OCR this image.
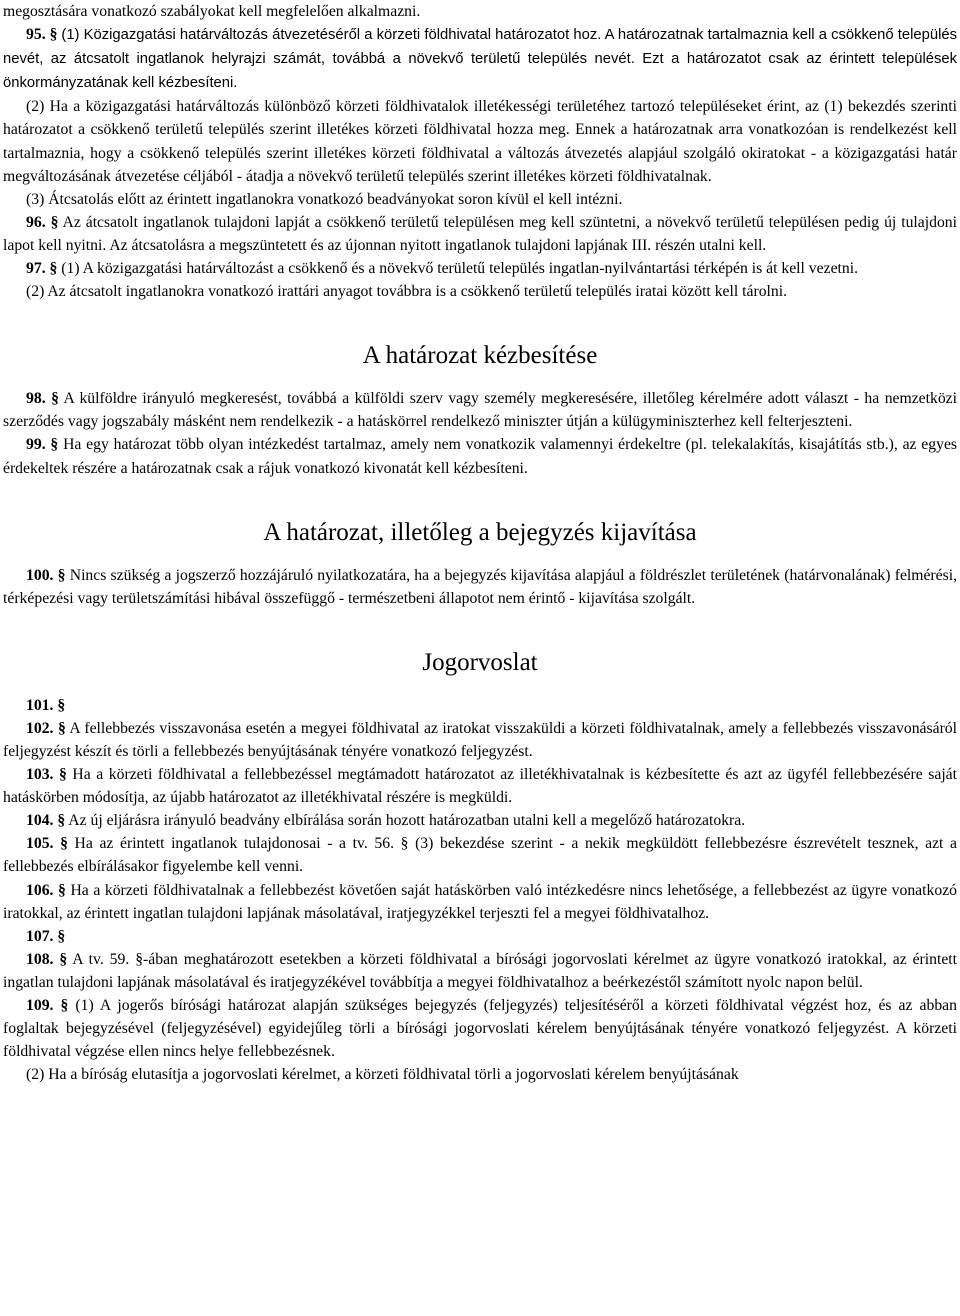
megosztására vonatkozó szabályokat kell megfelelően alkalmazni.

95. § (1) Közigazgatási határváltozás átvezetéséről a körzeti földhivatal határozatot hoz. A határozatnak tartalmaznia kell a csökkenő település nevét, az átcsatolt ingatlanok helyrajzi számát, továbbá a növekvő területű település nevét. Ezt a határozatot csak az érintett települések önkormányzatának kell kézbesíteni.

(2) Ha a közigazgatási határváltozás különböző körzeti földhivatalok illetékességi területéhez tartozó településeket érint, az (1) bekezdés szerinti határozatot a csökkenő területű település szerint illetékes körzeti földhivatal hozza meg. Ennek a határozatnak arra vonatkozóan is rendelkezést kell tartalmaznia, hogy a csökkenő település szerint illetékes körzeti földhivatal a változás átvezetés alapjául szolgáló okiratokat - a közigazgatási határ megváltozásának átvezetése céljából - átadja a növekvő területű település szerint illetékes körzeti földhivatalnak.

(3) Átcsatolás előtt az érintett ingatlanokra vonatkozó beadványokat soron kívül el kell intézni.

96. § Az átcsatolt ingatlanok tulajdoni lapját a csökkenő területű településen meg kell szüntetni, a növekvő területű településen pedig új tulajdoni lapot kell nyitni. Az átcsatolásra a megszüntetett és az újonnan nyitott ingatlanok tulajdoni lapjának III. részén utalni kell.

97. § (1) A közigazgatási határváltozást a csökkenő és a növekvő területű település ingatlan-nyilvántartási térképén is át kell vezetni.

(2) Az átcsatolt ingatlanokra vonatkozó irattári anyagot továbbra is a csökkenő területű település iratai között kell tárolni.

A határozat kézbesítése

98. § A külföldre irányuló megkeresést, továbbá a külföldi szerv vagy személy megkeresésére, illetőleg kérelmére adott választ - ha nemzetközi szerződés vagy jogszabály másként nem rendelkezik - a hatáskörrel rendelkező miniszter útján a külügyminiszterhez kell felterjeszteni.

99. § Ha egy határozat több olyan intézkedést tartalmaz, amely nem vonatkozik valamennyi érdekeltre (pl. telekalakítás, kisajátítás stb.), az egyes érdekeltek részére a határozatnak csak a rájuk vonatkozó kivonatát kell kézbesíteni.

A határozat, illetőleg a bejegyzés kijavítása

100. § Nincs szükség a jogszerző hozzájáruló nyilatkozatára, ha a bejegyzés kijavítása alapjául a földrészlet területének (határvonalának) felmérési, térképezési vagy területszámítási hibával összefüggő - természetbeni állapotot nem érintő - kijavítása szolgált.

Jogorvoslat

101. §

102. § A fellebbezés visszavonása esetén a megyei földhivatal az iratokat visszaküldi a körzeti földhivatalnak, amely a fellebbezés visszavonásáról feljegyzést készít és törli a fellebbezés benyújtásának tényére vonatkozó feljegyzést.

103. § Ha a körzeti földhivatal a fellebbezéssel megtámadott határozatot az illetékhivatalnak is kézbesítette és azt az ügyfél fellebbezésére saját hatáskörben módosítja, az újabb határozatot az illetékhivatal részére is megküldi.

104. § Az új eljárásra irányuló beadvány elbírálása során hozott határozatban utalni kell a megelőző határozatokra.

105. § Ha az érintett ingatlanok tulajdonosai - a tv. 56. § (3) bekezdése szerint - a nekik megküldött fellebbezésre észrevételt tesznek, azt a fellebbezés elbírálásakor figyelembe kell venni.

106. § Ha a körzeti földhivatalnak a fellebbezést követően saját hatáskörben való intézkedésre nincs lehetősége, a fellebbezést az ügyre vonatkozó iratokkal, az érintett ingatlan tulajdoni lapjának másolatával, iratjegyzékkel terjeszti fel a megyei földhivatalhoz.

107. §

108. § A tv. 59. §-ában meghatározott esetekben a körzeti földhivatal a bírósági jogorvoslati kérelmet az ügyre vonatkozó iratokkal, az érintett ingatlan tulajdoni lapjának másolatával és iratjegyzékével továbbítja a megyei földhivatalhoz a beérkezéstől számított nyolc napon belül.

109. § (1) A jogerős bírósági határozat alapján szükséges bejegyzés (feljegyzés) teljesítéséről a körzeti földhivatal végzést hoz, és az abban foglaltak bejegyzésével (feljegyzésével) egyidejűleg törli a bírósági jogorvoslati kérelem benyújtásának tényére vonatkozó feljegyzést. A körzeti földhivatal végzése ellen nincs helye fellebbezésnek.

(2) Ha a bíróság elutasítja a jogorvoslati kérelmet, a körzeti földhivatal törli a jogorvoslati kérelem benyújtásának
